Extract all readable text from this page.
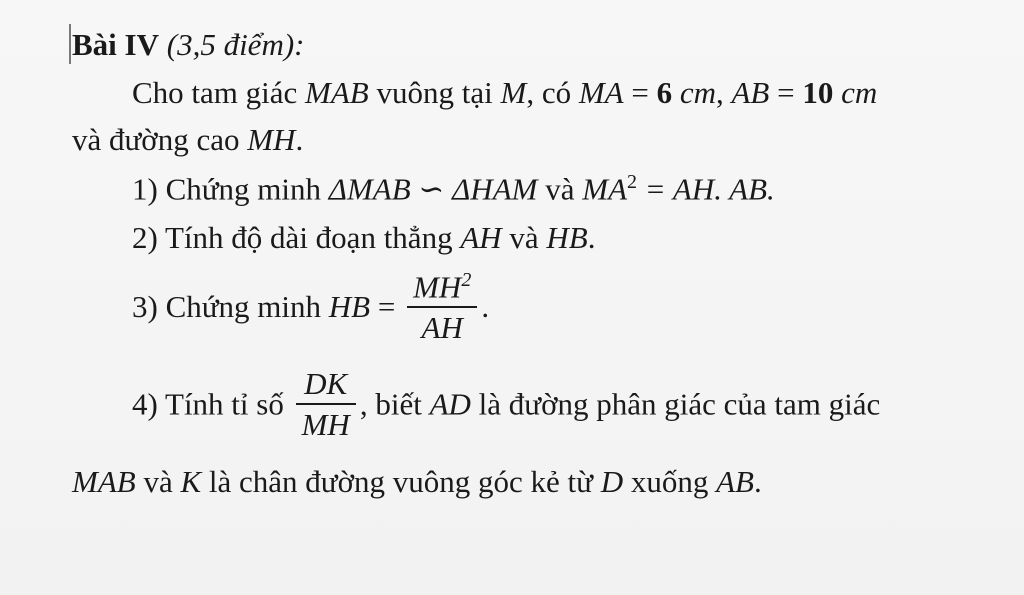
Bài IV (3,5 điểm):
Cho tam giác MAB vuông tại M, có MA = 6 cm, AB = 10 cm
và đường cao MH.
1) Chứng minh ΔMAB ∽ ΔHAM và $MA^2$ = AH. AB.
2) Tính độ dài đoạn thẳng AH và HB.
3) Chứng minh HB = $\frac{MH^2}{AH}$ .
4) Tính tỉ số $\frac{DK}{MH}$ , biết AD là đường phân giác của tam giác
MAB và K là chân đường vuông góc kẻ từ D xuống AB.
